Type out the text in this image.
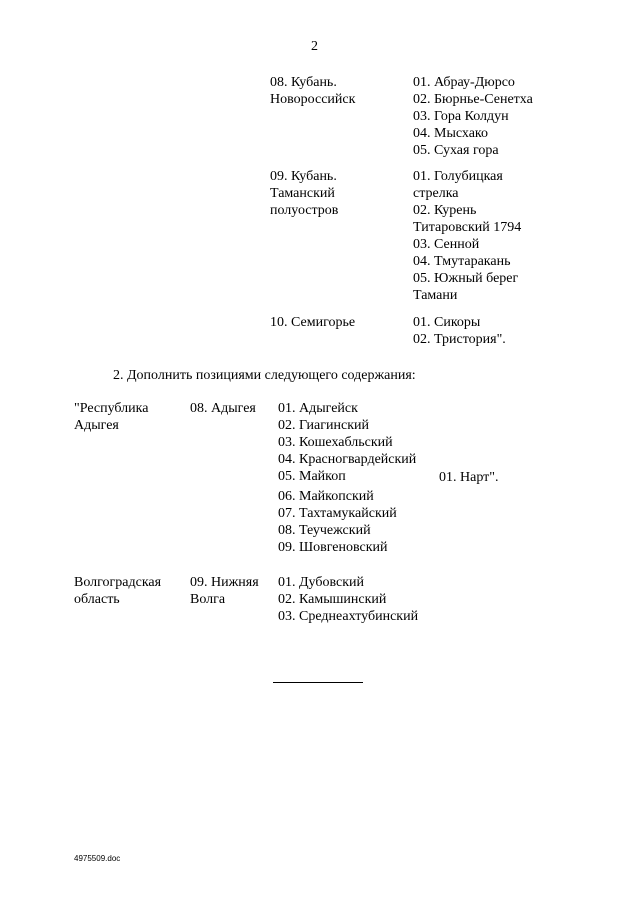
2
08. Кубань.
Новороссийск
01. Абрау-Дюрсо
02. Бюрнье-Сенетха
03. Гора Колдун
04. Мысхако
05. Сухая гора
09. Кубань.
Таманский
полуостров
01. Голубицкая
стрелка
02. Курень
Титаровский 1794
03. Сенной
04. Тмутаракань
05. Южный берег
Тамани
10. Семигорье	01. Сикоры
02. Тристория".
2. Дополнить позициями следующего содержания:
"Республика
Адыгея
08. Адыгея 01. Адыгейск
02. Гиагинский
03. Кошехабльский
04. Красногвардейский
05. Майкоп	01. Нарт".
06. Майкопский
07. Тахтамукайский
08. Теучежский
09. Шовгеновский
Волгоградская
область
09. Нижняя
Волга
01. Дубовский
02. Камышинский
03. Среднеахтубинский
4975509.doc
